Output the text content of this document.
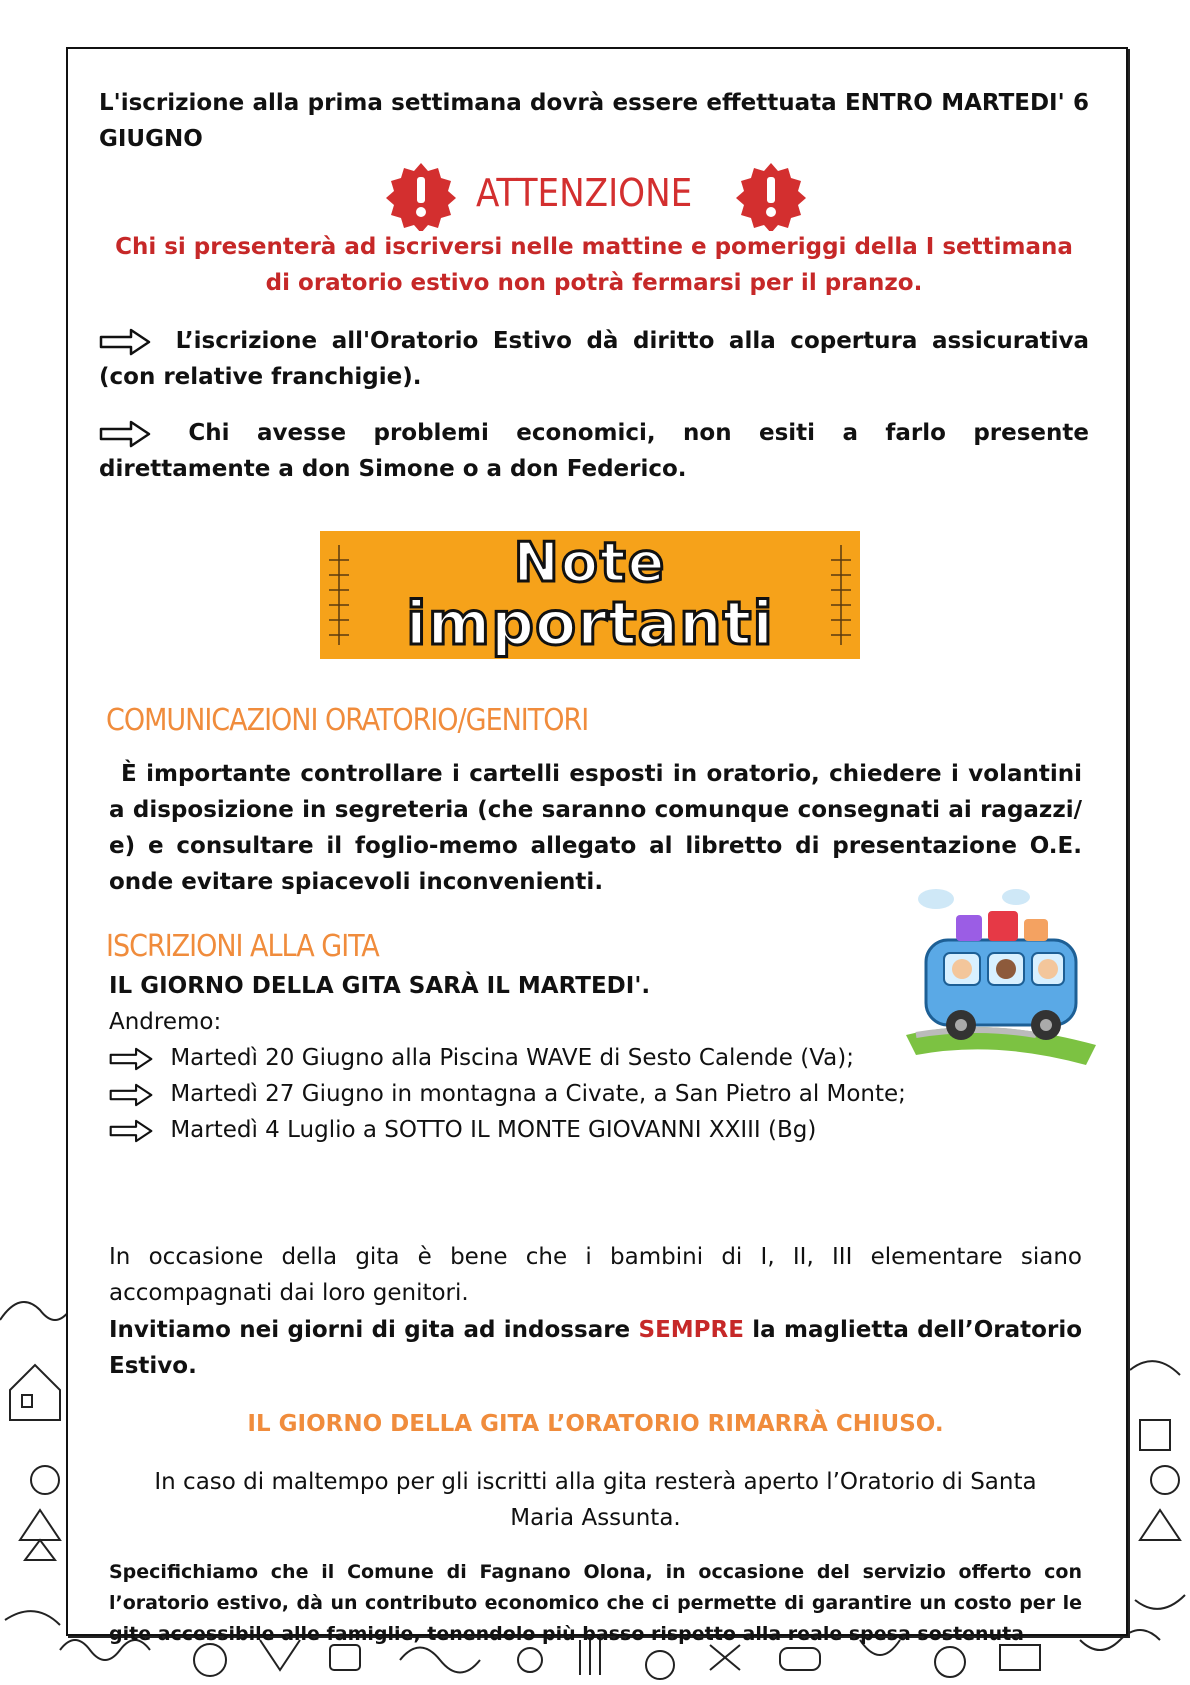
L'iscrizione alla prima settimana dovrà essere effettuata ENTRO MARTEDI' 6 GIUGNO
ATTENZIONE
Chi si presenterà ad iscriversi nelle mattine e pomeriggi della I settimana di oratorio estivo non potrà fermarsi per il pranzo.
L’iscrizione all'Oratorio Estivo dà diritto alla copertura assicurativa (con relative franchigie).
Chi avesse problemi economici, non esiti a farlo presente direttamente a don Simone o a don Federico.
Note
importanti
COMUNICAZIONI ORATORIO/GENITORI
È importante controllare i cartelli esposti in oratorio, chiedere i volantini a disposizione in segreteria (che saranno comunque consegnati ai ragazzi/ e) e consultare il foglio-memo allegato al libretto di presentazione O.E. onde evitare spiacevoli inconvenienti.
ISCRIZIONI ALLA GITA
IL GIORNO DELLA GITA SARÀ IL MARTEDI'.
Andremo:
Martedì 20 Giugno alla Piscina WAVE di Sesto Calende (Va);
Martedì 27 Giugno in montagna a Civate, a San Pietro al Monte;
Martedì 4 Luglio a SOTTO IL MONTE GIOVANNI XXIII (Bg)
In occasione della gita è bene che i bambini di I, II, III elementare siano accompagnati dai loro genitori.
Invitiamo nei giorni di gita ad indossare SEMPRE la maglietta dell’Oratorio Estivo.
IL GIORNO DELLA GITA L’ORATORIO RIMARRÀ CHIUSO.
In caso di maltempo per gli iscritti alla gita resterà aperto l’Oratorio di Santa Maria Assunta.
Specifichiamo che il Comune di Fagnano Olona, in occasione del servizio offerto con l’oratorio estivo, dà un contributo economico che ci permette di garantire un costo per le gite accessibile alle famiglie, tenendolo più basso rispetto alla reale spesa sostenuta
